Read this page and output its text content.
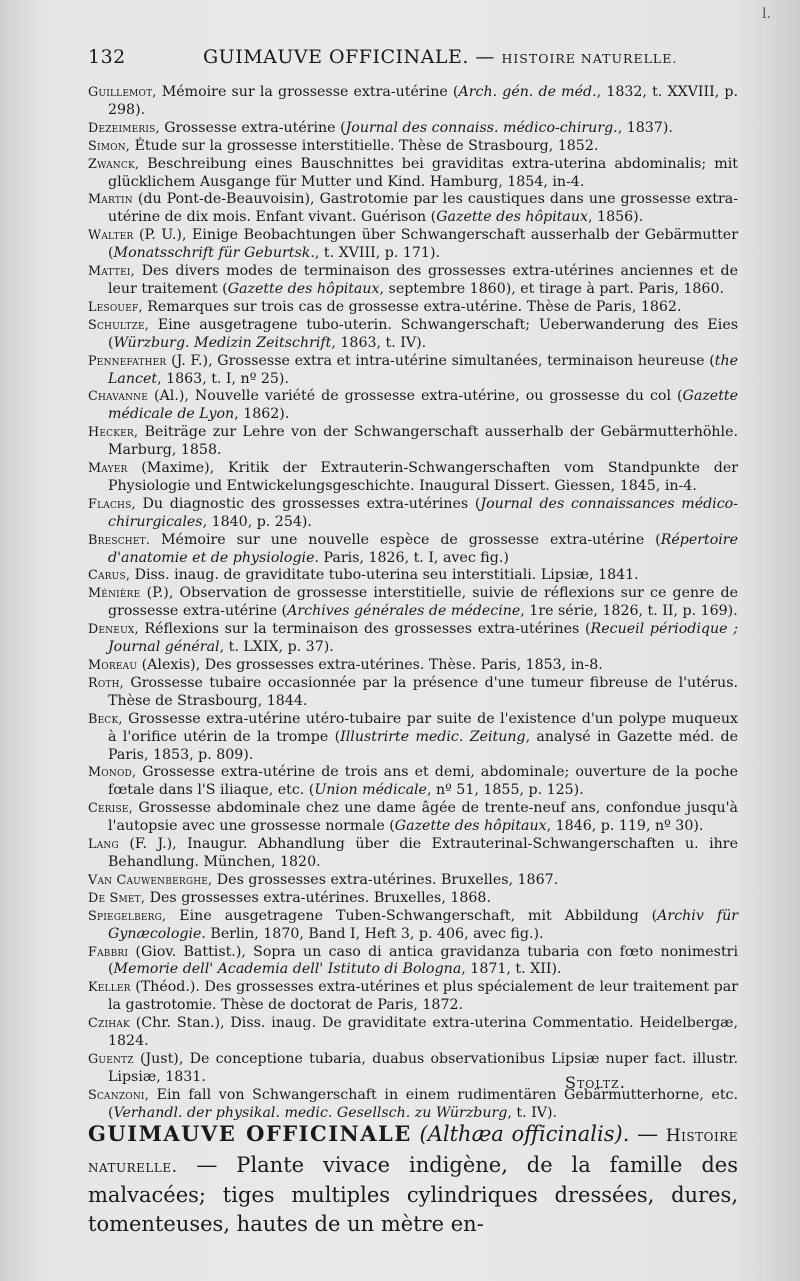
l.
132	GUIMAUVE OFFICINALE. — HISTOIRE NATURELLE.

Guillemot, Mémoire sur la grossesse extra-utérine (Arch. gén. de méd., 1832, t. XXVIII, p. 298).

Dezeimeris, Grossesse extra-utérine (Journal des connaiss. médico-chirurg., 1837).

Simon, Étude sur la grossesse interstitielle. Thèse de Strasbourg, 1852.

Zwanck, Beschreibung eines Bauschnittes bei graviditas extra-uterina abdominalis; mit glücklichem Ausgange für Mutter und Kind. Hamburg, 1854, in-4.

Martin (du Pont-de-Beauvoisin), Gastrotomie par les caustiques dans une grossesse extra-utérine de dix mois. Enfant vivant. Guérison (Gazette des hôpitaux, 1856).

Walter (P. U.), Einige Beobachtungen über Schwangerschaft ausserhalb der Gebärmutter (Monatsschrift für Geburtsk., t. XVIII, p. 171).

Mattei, Des divers modes de terminaison des grossesses extra-utérines anciennes et de leur traitement (Gazette des hôpitaux, septembre 1860), et tirage à part. Paris, 1860.

Lesouef, Remarques sur trois cas de grossesse extra-utérine. Thèse de Paris, 1862.

Schultze, Eine ausgetragene tubo-uterin. Schwangerschaft; Ueberwanderung des Eies (Würzburg. Medizin Zeitschrift, 1863, t. IV).

Pennefather (J. F.), Grossesse extra et intra-utérine simultanées, terminaison heureuse (the Lancet, 1863, t. I, nº 25).

Chavanne (Al.), Nouvelle variété de grossesse extra-utérine, ou grossesse du col (Gazette médicale de Lyon, 1862).

Hecker, Beiträge zur Lehre von der Schwangerschaft ausserhalb der Gebärmutterhöhle. Marburg, 1858.

Mayer (Maxime), Kritik der Extrauterin-Schwangerschaften vom Standpunkte der Physiologie und Entwickelungsgeschichte. Inaugural Dissert. Giessen, 1845, in-4.

Flachs, Du diagnostic des grossesses extra-utérines (Journal des connaissances médico-chirurgicales, 1840, p. 254).

Breschet. Mémoire sur une nouvelle espèce de grossesse extra-utérine (Répertoire d'anatomie et de physiologie. Paris, 1826, t. I, avec fig.)

Carus, Diss. inaug. de graviditate tubo-uterina seu interstitiali. Lipsiæ, 1841.

Ménière (P.), Observation de grossesse interstitielle, suivie de réflexions sur ce genre de grossesse extra-utérine (Archives générales de médecine, 1re série, 1826, t. II, p. 169).

Deneux, Réflexions sur la terminaison des grossesses extra-utérines (Recueil périodique ; Journal général, t. LXIX, p. 37).

Moreau (Alexis), Des grossesses extra-utérines. Thèse. Paris, 1853, in-8.

Roth, Grossesse tubaire occasionnée par la présence d'une tumeur fibreuse de l'utérus. Thèse de Strasbourg, 1844.

Beck, Grossesse extra-utérine utéro-tubaire par suite de l'existence d'un polype muqueux à l'orifice utérin de la trompe (Illustrirte medic. Zeitung, analysé in Gazette méd. de Paris, 1853, p. 809).

Monod, Grossesse extra-utérine de trois ans et demi, abdominale; ouverture de la poche fœtale dans l'S iliaque, etc. (Union médicale, nº 51, 1855, p. 125).

Cerise, Grossesse abdominale chez une dame âgée de trente-neuf ans, confondue jusqu'à l'autopsie avec une grossesse normale (Gazette des hôpitaux, 1846, p. 119, nº 30).

Lang (F. J.), Inaugur. Abhandlung über die Extrauterinal-Schwangerschaften u. ihre Behandlung. München, 1820.

Van Cauwenberghe, Des grossesses extra-utérines. Bruxelles, 1867.

De Smet, Des grossesses extra-utérines. Bruxelles, 1868.

Spiegelberg, Eine ausgetragene Tuben-Schwangerschaft, mit Abbildung (Archiv für Gynæcologie. Berlin, 1870, Band I, Heft 3, p. 406, avec fig.).

Fabbri (Giov. Battist.), Sopra un caso di antica gravidanza tubaria con fœto nonimestri (Memorie dell' Academia dell' Istituto di Bologna, 1871, t. XII).

Keller (Théod.). Des grossesses extra-utérines et plus spécialement de leur traitement par la gastrotomie. Thèse de doctorat de Paris, 1872.

Czihak (Chr. Stan.), Diss. inaug. De graviditate extra-uterina Commentatio. Heidelbergæ, 1824.

Guentz (Just), De conceptione tubaria, duabus observationibus Lipsiæ nuper fact. illustr. Lipsiæ, 1831.

Scanzoni, Ein fall von Schwangerschaft in einem rudimentären Gebärmutterhorne, etc. (Verhandl. der physikal. medic. Gesellsch. zu Würzburg, t. IV).

Stoltz.
GUIMAUVE OFFICINALE (Althæa officinalis). — Histoire naturelle. — Plante vivace indigène, de la famille des malvacées; tiges multiples cylindriques dressées, dures, tomenteuses, hautes de un mètre en-
